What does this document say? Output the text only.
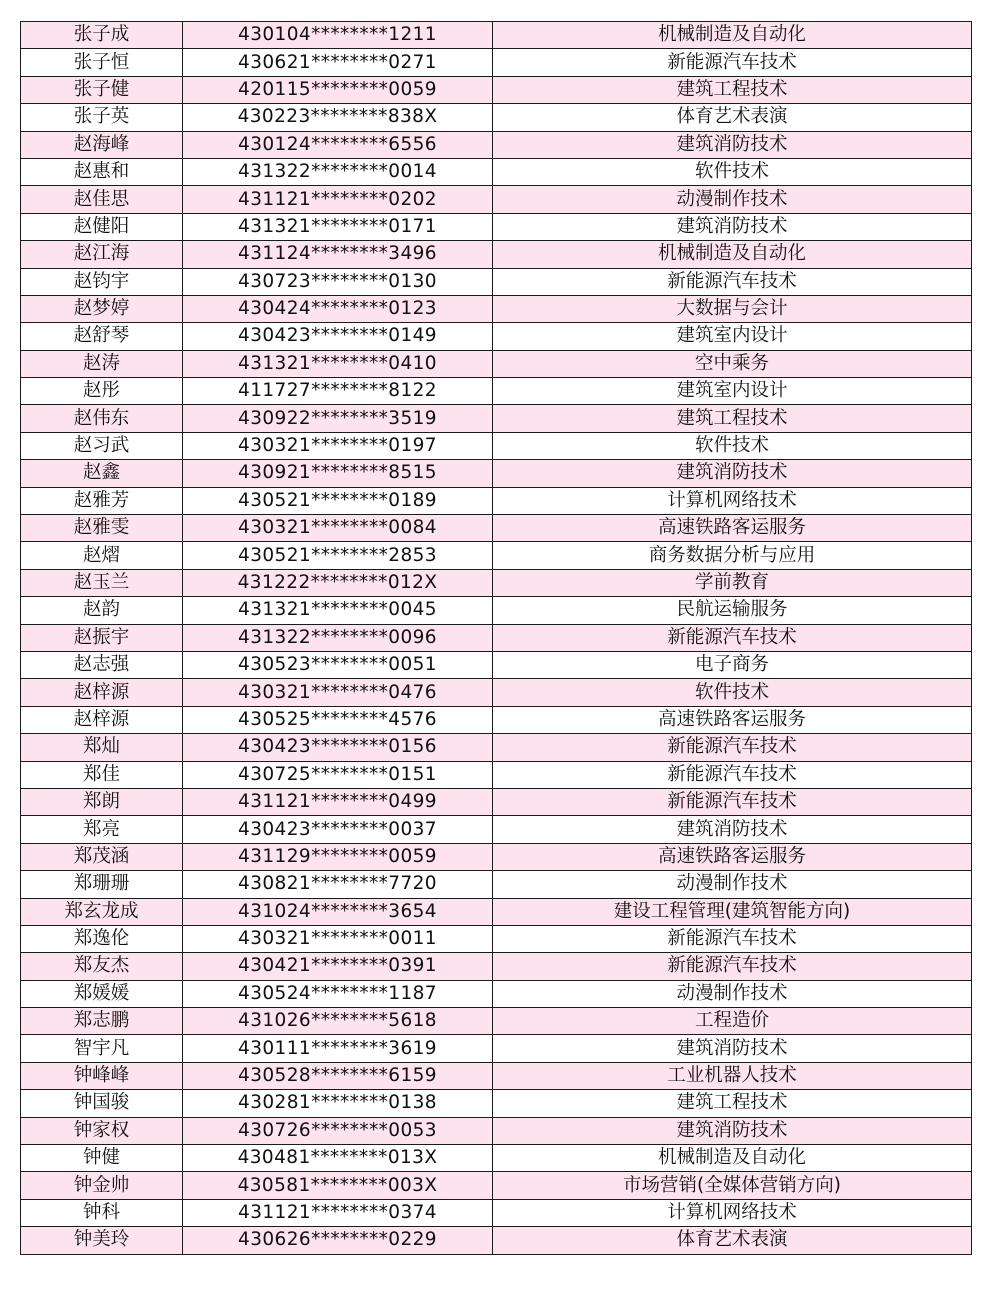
张子成	430104********1211	机械制造及自动化
张子恒	430621********0271	新能源汽车技术
张子健	420115********0059	建筑工程技术
张子英	430223********838X	体育艺术表演
赵海峰	430124********6556	建筑消防技术
赵惠和	431322********0014	软件技术
赵佳思	431121********0202	动漫制作技术
赵健阳	431321********0171	建筑消防技术
赵江海	431124********3496	机械制造及自动化
赵钧宇	430723********0130	新能源汽车技术
赵梦婷	430424********0123	大数据与会计
赵舒琴	430423********0149	建筑室内设计
赵涛	431321********0410	空中乘务
赵彤	411727********8122	建筑室内设计
赵伟东	430922********3519	建筑工程技术
赵习武	430321********0197	软件技术
赵鑫	430921********8515	建筑消防技术
赵雅芳	430521********0189	计算机网络技术
赵雅雯	430321********0084	高速铁路客运服务
赵熠	430521********2853	商务数据分析与应用
赵玉兰	431222********012X	学前教育
赵韵	431321********0045	民航运输服务
赵振宇	431322********0096	新能源汽车技术
赵志强	430523********0051	电子商务
赵梓源	430321********0476	软件技术
赵梓源	430525********4576	高速铁路客运服务
郑灿	430423********0156	新能源汽车技术
郑佳	430725********0151	新能源汽车技术
郑朗	431121********0499	新能源汽车技术
郑亮	430423********0037	建筑消防技术
郑茂涵	431129********0059	高速铁路客运服务
郑珊珊	430821********7720	动漫制作技术
郑玄龙成	431024********3654	建设工程管理(建筑智能方向)
郑逸伦	430321********0011	新能源汽车技术
郑友杰	430421********0391	新能源汽车技术
郑媛媛	430524********1187	动漫制作技术
郑志鹏	431026********5618	工程造价
智宇凡	430111********3619	建筑消防技术
钟峰峰	430528********6159	工业机器人技术
钟国骏	430281********0138	建筑工程技术
钟家权	430726********0053	建筑消防技术
钟健	430481********013X	机械制造及自动化
钟金帅	430581********003X	市场营销(全媒体营销方向)
钟科	431121********0374	计算机网络技术
钟美玲	430626********0229	体育艺术表演
